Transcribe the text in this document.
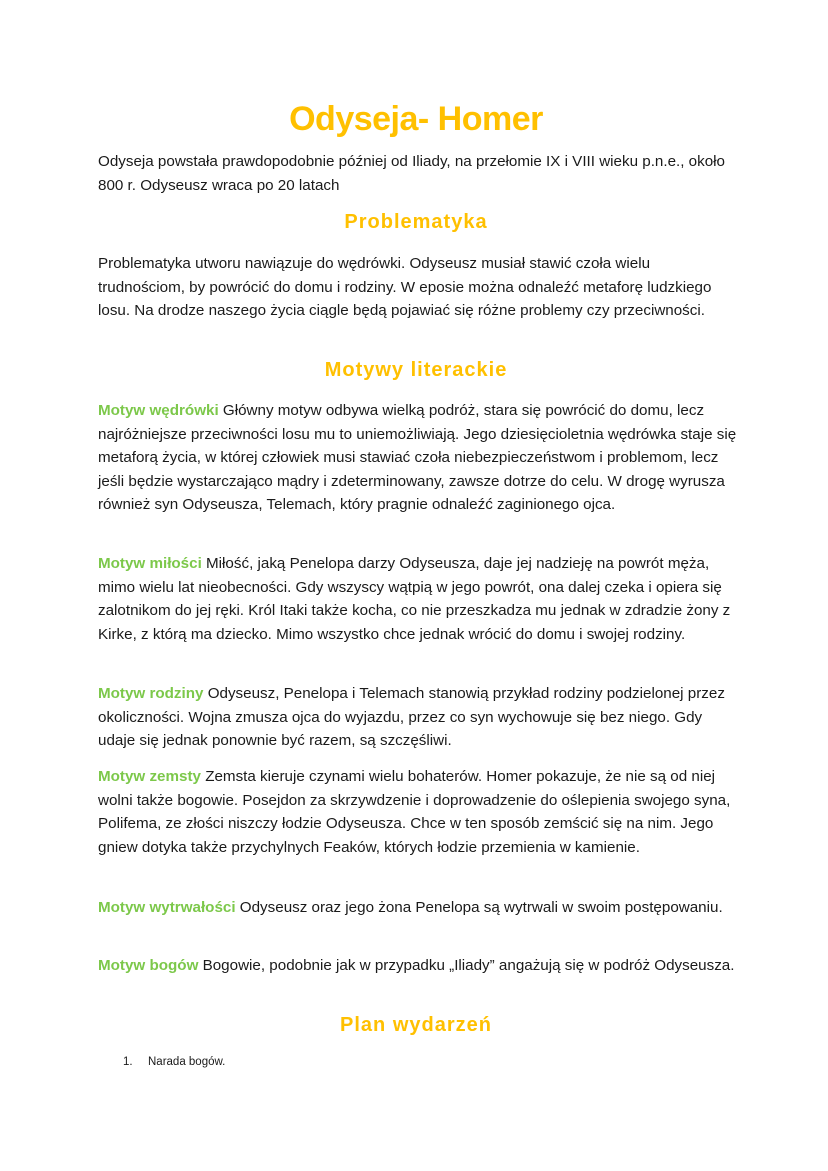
Odyseja- Homer

Odyseja powstała prawdopodobnie później od Iliady, na przełomie IX i VIII wieku p.n.e., około 800 r. Odyseusz wraca po 20 latach

Problematyka

Problematyka utworu nawiązuje do wędrówki. Odyseusz musiał stawić czoła wielu trudnościom, by powrócić do domu i rodziny. W eposie można odnaleźć metaforę ludzkiego losu. Na drodze naszego życia ciągle będą pojawiać się różne problemy czy przeciwności.

Motywy literackie

Motyw wędrówki Główny motyw odbywa wielką podróż, stara się powrócić do domu, lecz najróżniejsze przeciwności losu mu to uniemożliwiają. Jego dziesięcioletnia wędrówka staje się metaforą życia, w której człowiek musi stawiać czoła niebezpieczeństwom i problemom, lecz jeśli będzie wystarczająco mądry i zdeterminowany, zawsze dotrze do celu. W drogę wyrusza również syn Odyseusza, Telemach, który pragnie odnaleźć zaginionego ojca.

Motyw miłości Miłość, jaką Penelopa darzy Odyseusza, daje jej nadzieję na powrót męża, mimo wielu lat nieobecności. Gdy wszyscy wątpią w jego powrót, ona dalej czeka i opiera się zalotnikom do jej ręki. Król Itaki także kocha, co nie przeszkadza mu jednak w zdradzie żony z Kirke, z którą ma dziecko. Mimo wszystko chce jednak wrócić do domu i swojej rodziny.

Motyw rodziny Odyseusz, Penelopa i Telemach stanowią przykład rodziny podzielonej przez okoliczności. Wojna zmusza ojca do wyjazdu, przez co syn wychowuje się bez niego. Gdy udaje się jednak ponownie być razem, są szczęśliwi.

Motyw zemsty Zemsta kieruje czynami wielu bohaterów. Homer pokazuje, że nie są od niej wolni także bogowie. Posejdon za skrzywdzenie i doprowadzenie do oślepienia swojego syna, Polifema, ze złości niszczy łodzie Odyseusza. Chce w ten sposób zemścić się na nim. Jego gniew dotyka także przychylnych Feaków, których łodzie przemienia w kamienie.

Motyw wytrwałości Odyseusz oraz jego żona Penelopa są wytrwali w swoim postępowaniu.

Motyw bogów Bogowie, podobnie jak w przypadku „Iliady” angażują się w podróż Odyseusza.

Plan wydarzeń
1. Narada bogów.
